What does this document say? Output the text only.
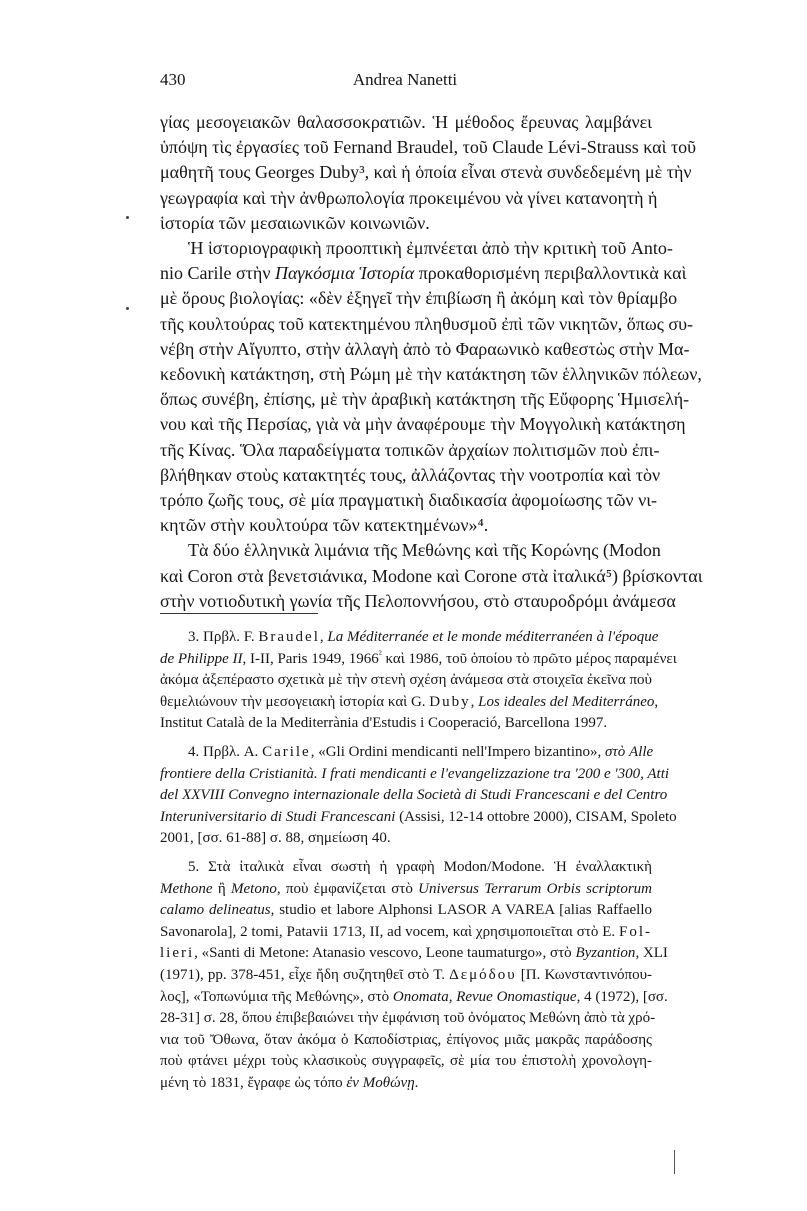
430	Andrea Nanetti

γίας μεσογειακῶν θαλασσοκρατιῶν. Ἡ μέθοδος ἔρευνας λαμβάνει
ὑπόψη τὶς ἐργασίες τοῦ Fernand Braudel, τοῦ Claude Lévi-Strauss καὶ τοῦ
μαθητῆ τους Georges Duby³, καὶ ἡ ὁποία εἶναι στενὰ συνδεδεμένη μὲ τὴν
γεωγραφία καὶ τὴν ἀνθρωπολογία προκειμένου νὰ γίνει κατανοητὴ ἡ
ἱστορία τῶν μεσαιωνικῶν κοινωνιῶν.

Ἡ ἱστοριογραφικὴ προοπτικὴ ἐμπνέεται ἀπὸ τὴν κριτικὴ τοῦ Anto-
nio Carile στὴν Παγκόσμια Ἱστορία προκαθορισμένη περιβαλλοντικὰ καὶ
μὲ ὅρους βιολογίας: «δὲν ἐξηγεῖ τὴν ἐπιβίωση ἢ ἀκόμη καὶ τὸν θρίαμβο
τῆς κουλτούρας τοῦ κατεκτημένου πληθυσμοῦ ἐπὶ τῶν νικητῶν, ὅπως συ-
νέβη στὴν Αἴγυπτο, στὴν ἀλλαγὴ ἀπὸ τὸ Φαραωνικὸ καθεστὼς στὴν Μα-
κεδονικὴ κατάκτηση, στὴ Ρώμη μὲ τὴν κατάκτηση τῶν ἑλληνικῶν πόλεων,
ὅπως συνέβη, ἐπίσης, μὲ τὴν ἀραβικὴ κατάκτηση τῆς Εὔφορης Ἡμισελή-
νου καὶ τῆς Περσίας, γιὰ νὰ μὴν ἀναφέρουμε τὴν Μογγολικὴ κατάκτηση
τῆς Κίνας. Ὅλα παραδείγματα τοπικῶν ἀρχαίων πολιτισμῶν ποὺ ἐπι-
βλήθηκαν στοὺς κατακτητές τους, ἀλλάζοντας τὴν νοοτροπία καὶ τὸν
τρόπο ζωῆς τους, σὲ μία πραγματικὴ διαδικασία ἀφομοίωσης τῶν νι-
κητῶν στὴν κουλτούρα τῶν κατεκτημένων»⁴.

Τὰ δύο ἑλληνικὰ λιμάνια τῆς Μεθώνης καὶ τῆς Κορώνης (Modon
καὶ Coron στὰ βενετσιάνικα, Modone καὶ Corone στὰ ἰταλικά⁵) βρίσκονται
στὴν νοτιοδυτικὴ γωνία τῆς Πελοποννήσου, στὸ σταυροδρόμι ἀνάμεσα

3. Πρβλ. F. Braudel, La Méditerranée et le monde méditerranéen à l'époque
de Philippe II, I-II, Paris 1949, $1966^{^2}$ καὶ 1986, τοῦ ὁποίου τὸ πρῶτο μέρος παραμένει
ἀκόμα ἀξεπέραστο σχετικὰ μὲ τὴν στενὴ σχέση ἀνάμεσα στὰ στοιχεῖα ἐκεῖνα ποὺ
θεμελιώνουν τὴν μεσογειακὴ ἱστορία καὶ G. Duby, Los ideales del Mediterráneo,
Institut Català de la Mediterrània d'Estudis i Cooperació, Barcellona 1997.

4. Πρβλ. A. Carile, «Gli Ordini mendicanti nell'Impero bizantino», στὸ Alle
frontiere della Cristianità. I frati mendicanti e l'evangelizzazione tra '200 e '300, Atti
del XXVIII Convegno internazionale della Società di Studi Francescani e del Centro
Interuniversitario di Studi Francescani (Assisi, 12-14 ottobre 2000), CISAM, Spoleto
2001, [σσ. 61-88] σ. 88, σημείωση 40.

5. Στὰ ἰταλικὰ εἶναι σωστὴ ἡ γραφὴ Modon/Modone. Ἡ ἐναλλακτικὴ
Methone ἢ Metono, ποὺ ἐμφανίζεται στὸ Universus Terrarum Orbis scriptorum
calamo delineatus, studio et labore Alphonsi LASOR A VAREA [alias Raffaello
Savonarola], 2 tomi, Patavii 1713, II, ad vocem, καὶ χρησιμοποιεῖται στὸ E. Fol-
lieri, «Santi di Metone: Atanasio vescovo, Leone taumaturgo», στὸ Byzantion, XLI
(1971), pp. 378-451, εἶχε ἤδη συζητηθεῖ στὸ T. Δεμόδου [Π. Κωνσταντινόπου-
λος], «Τοπωνύμια τῆς Μεθώνης», στὸ Onomata, Revue Onomastique, 4 (1972), [σσ.
28-31] σ. 28, ὅπου ἐπιβεβαιώνει τὴν ἐμφάνιση τοῦ ὀνόματος Μεθώνη ἀπὸ τὰ χρό-
νια τοῦ Ὄθωνα, ὅταν ἀκόμα ὁ Καποδίστριας, ἐπίγονος μιᾶς μακρᾶς παράδοσης
ποὺ φτάνει μέχρι τοὺς κλασικοὺς συγγραφεῖς, σὲ μία του ἐπιστολὴ χρονολογη-
μένη τὸ 1831, ἔγραφε ὡς τόπο ἐν Μοθώνῃ.
